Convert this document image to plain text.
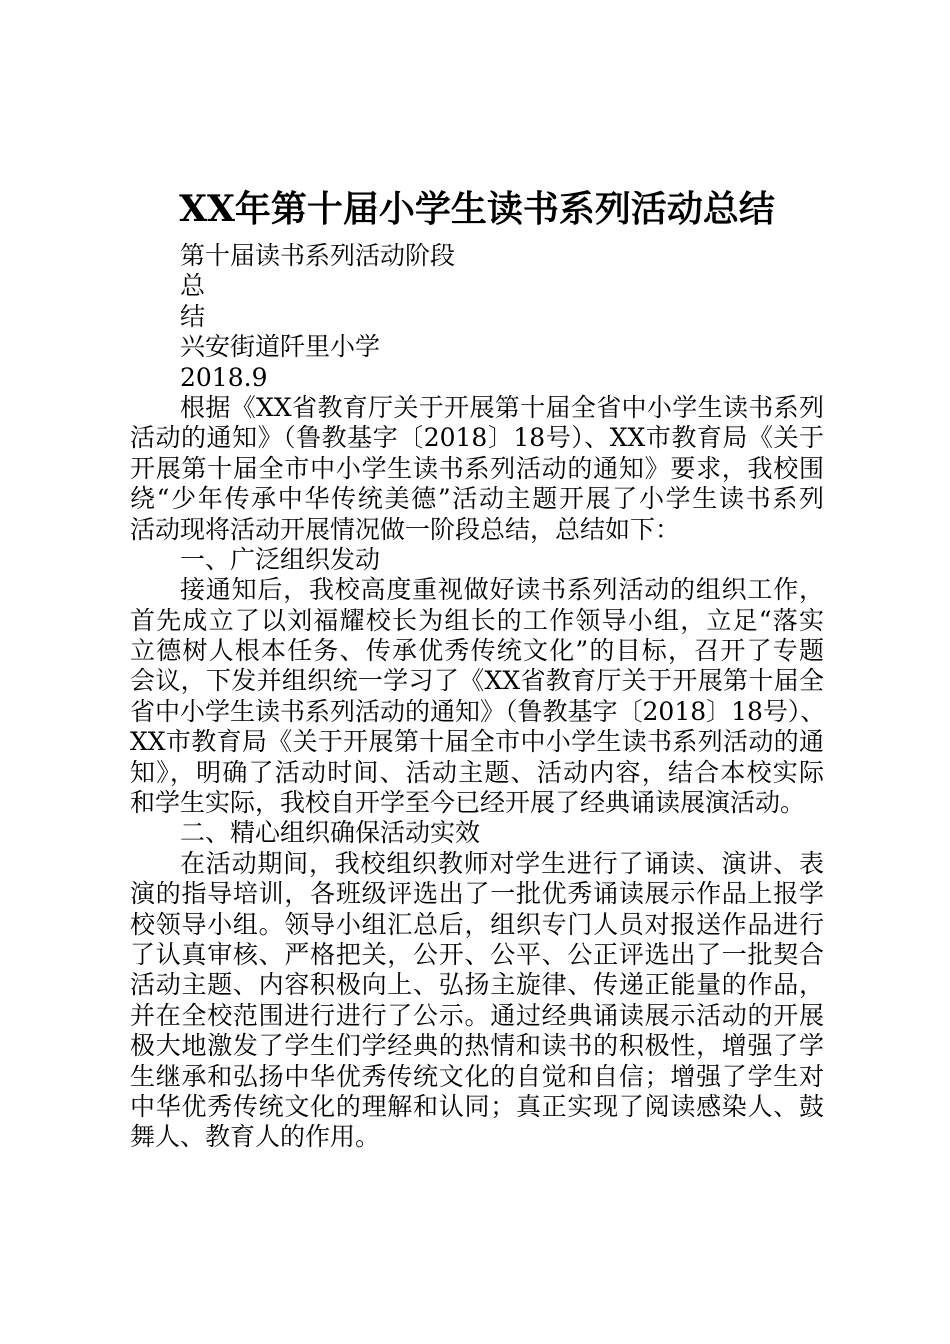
XX年第十届小学生读书系列活动总结

第十届读书系列活动阶段

总

结

兴安街道阡里小学

2018.9

根据《XX省教育厅关于开展第十届全省中小学生读书系列

活动的通知》（鲁教基字〔2018〕18号）、XX市教育局《关于

开展第十届全市中小学生读书系列活动的通知》要求，我校围

绕“少年传承中华传统美德”活动主题开展了小学生读书系列

活动现将活动开展情况做一阶段总结，总结如下：

一、广泛组织发动

接通知后，我校高度重视做好读书系列活动的组织工作，

首先成立了以刘福耀校长为组长的工作领导小组，立足“落实

立德树人根本任务、传承优秀传统文化”的目标，召开了专题

会议，下发并组织统一学习了《XX省教育厅关于开展第十届全

省中小学生读书系列活动的通知》（鲁教基字〔2018〕18号）、

XX市教育局《关于开展第十届全市中小学生读书系列活动的通

知》，明确了活动时间、活动主题、活动内容，结合本校实际

和学生实际，我校自开学至今已经开展了经典诵读展演活动。

二、精心组织确保活动实效

在活动期间，我校组织教师对学生进行了诵读、演讲、表

演的指导培训，各班级评选出了一批优秀诵读展示作品上报学

校领导小组。领导小组汇总后，组织专门人员对报送作品进行

了认真审核、严格把关，公开、公平、公正评选出了一批契合

活动主题、内容积极向上、弘扬主旋律、传递正能量的作品，

并在全校范围进行进行了公示。通过经典诵读展示活动的开展

极大地激发了学生们学经典的热情和读书的积极性，增强了学

生继承和弘扬中华优秀传统文化的自觉和自信；增强了学生对

中华优秀传统文化的理解和认同；真正实现了阅读感染人、鼓

舞人、教育人的作用。
